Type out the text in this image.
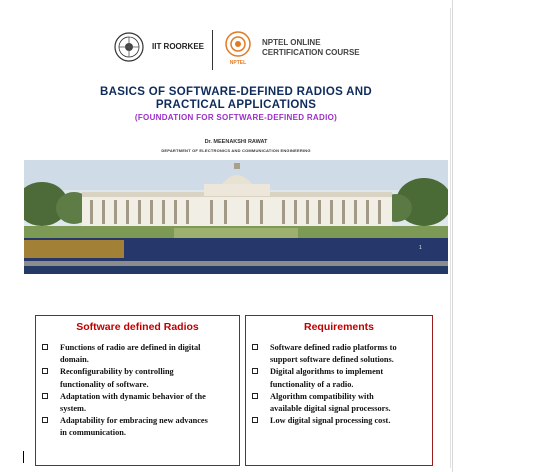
IIT ROORKEE
NPTEL
NPTEL ONLINE
CERTIFICATION COURSE
BASICS OF SOFTWARE-DEFINED RADIOS AND
PRACTICAL APPLICATIONS
(FOUNDATION FOR SOFTWARE-DEFINED RADIO)
Dr. MEENAKSHI RAWAT
DEPARTMENT OF ELECTRONICS AND COMMUNICATION ENGINEERING
1
Software defined Radios
Functions of radio are defined in digital
domain.
Reconfigurability by controlling
functionality of software.
Adaptation with dynamic behavior of the
system.
Adaptability for embracing new advances
in communication.
Requirements
Software defined radio platforms to
support software defined solutions.
Digital algorithms to implement
functionality of a radio.
Algorithm compatibility with
available digital signal processors.
Low digital signal processing cost.
